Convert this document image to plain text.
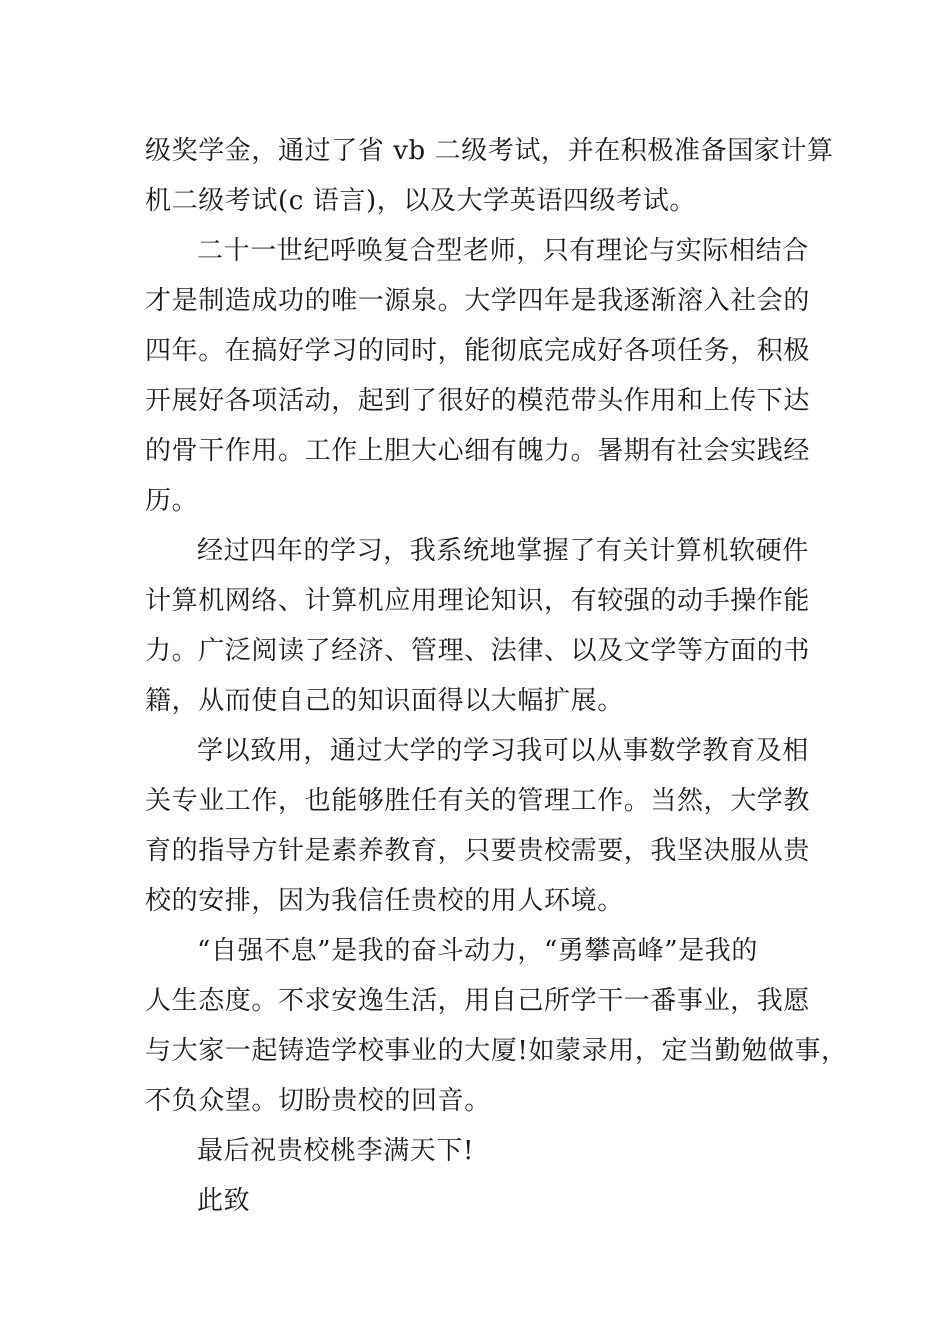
级奖学金，通过了省 vb 二级考试，并在积极准备国家计算
机二级考试(c 语言)，以及大学英语四级考试。
二十一世纪呼唤复合型老师，只有理论与实际相结合
才是制造成功的唯一源泉。大学四年是我逐渐溶入社会的
四年。在搞好学习的同时，能彻底完成好各项任务，积极
开展好各项活动，起到了很好的模范带头作用和上传下达
的骨干作用。工作上胆大心细有魄力。暑期有社会实践经
历。
经过四年的学习，我系统地掌握了有关计算机软硬件
计算机网络、计算机应用理论知识，有较强的动手操作能
力。广泛阅读了经济、管理、法律、以及文学等方面的书
籍，从而使自己的知识面得以大幅扩展。
学以致用，通过大学的学习我可以从事数学教育及相
关专业工作，也能够胜任有关的管理工作。当然，大学教
育的指导方针是素养教育，只要贵校需要，我坚决服从贵
校的安排，因为我信任贵校的用人环境。
“自强不息”是我的奋斗动力，“勇攀高峰”是我的
人生态度。不求安逸生活，用自己所学干一番事业，我愿
与大家一起铸造学校事业的大厦!如蒙录用，定当勤勉做事，
不负众望。切盼贵校的回音。
最后祝贵校桃李满天下!
此致
